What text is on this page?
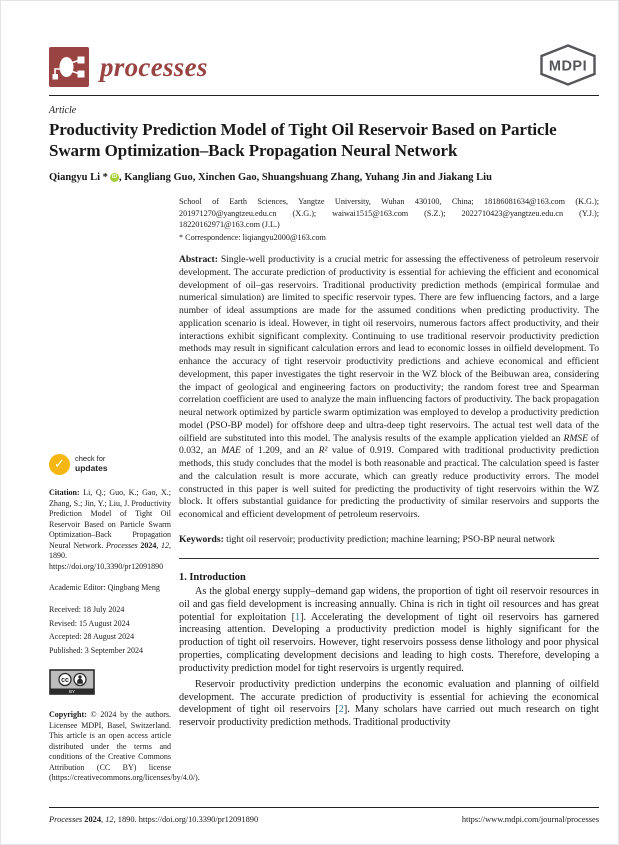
processes	MDPI
Article
Productivity Prediction Model of Tight Oil Reservoir Based on Particle Swarm Optimization–Back Propagation Neural Network
Qiangyu Li * iD , Kangliang Guo, Xinchen Gao, Shuangshuang Zhang, Yuhang Jin and Jiakang Liu
✓	check for
updates
Citation: Li, Q.; Guo, K.; Gao, X.; Zhang, S.; Jin, Y.; Liu, J. Productivity Prediction Model of Tight Oil Reservoir Based on Particle Swarm Optimization–Back Propagation Neural Network. Processes 2024, 12, 1890. https://doi.org/10.3390/pr12091890
Academic Editor: Qingbang Meng
Received: 18 July 2024
Revised: 15 August 2024
Accepted: 28 August 2024
Published: 3 September 2024
cc
BY
Copyright: © 2024 by the authors. Licensee MDPI, Basel, Switzerland. This article is an open access article distributed under the terms and conditions of the Creative Commons Attribution (CC BY) license (https://creativecommons.org/licenses/by/4.0/).
School of Earth Sciences, Yangtze University, Wuhan 430100, China; 18186081634@163.com (K.G.); 201971270@yangtzeu.edu.cn (X.G.); waiwai1515@163.com (S.Z.); 2022710423@yangtzeu.edu.cn (Y.J.); 18220162971@163.com (J.L.)
* Correspondence: liqiangyu2000@163.com
Abstract: Single-well productivity is a crucial metric for assessing the effectiveness of petroleum reservoir development. The accurate prediction of productivity is essential for achieving the efficient and economical development of oil–gas reservoirs. Traditional productivity prediction methods (empirical formulae and numerical simulation) are limited to specific reservoir types. There are few influencing factors, and a large number of ideal assumptions are made for the assumed conditions when predicting productivity. The application scenario is ideal. However, in tight oil reservoirs, numerous factors affect productivity, and their interactions exhibit significant complexity. Continuing to use traditional reservoir productivity prediction methods may result in significant calculation errors and lead to economic losses in oilfield development. To enhance the accuracy of tight reservoir productivity predictions and achieve economical and efficient development, this paper investigates the tight reservoir in the WZ block of the Beibuwan area, considering the impact of geological and engineering factors on productivity; the random forest tree and Spearman correlation coefficient are used to analyze the main influencing factors of productivity. The back propagation neural network optimized by particle swarm optimization was employed to develop a productivity prediction model (PSO-BP model) for offshore deep and ultra-deep tight reservoirs. The actual test well data of the oilfield are substituted into this model. The analysis results of the example application yielded an RMSE of 0.032, an MAE of 1.209, and an R² value of 0.919. Compared with traditional productivity prediction methods, this study concludes that the model is both reasonable and practical. The calculation speed is faster and the calculation result is more accurate, which can greatly reduce productivity errors. The model constructed in this paper is well suited for predicting the productivity of tight reservoirs within the WZ block. It offers substantial guidance for predicting the productivity of similar reservoirs and supports the economical and efficient development of petroleum reservoirs.
Keywords: tight oil reservoir; productivity prediction; machine learning; PSO-BP neural network
1. Introduction
As the global energy supply–demand gap widens, the proportion of tight oil reservoir resources in oil and gas field development is increasing annually. China is rich in tight oil resources and has great potential for exploitation [1]. Accelerating the development of tight oil reservoirs has garnered increasing attention. Developing a productivity prediction model is highly significant for the production of tight oil reservoirs. However, tight reservoirs possess dense lithology and poor physical properties, complicating development decisions and leading to high costs. Therefore, developing a productivity prediction model for tight reservoirs is urgently required.
Reservoir productivity prediction underpins the economic evaluation and planning of oilfield development. The accurate prediction of productivity is essential for achieving the economical development of tight oil reservoirs [2]. Many scholars have carried out much research on tight reservoir productivity prediction methods. Traditional productivity
Processes 2024, 12, 1890. https://doi.org/10.3390/pr12091890	https://www.mdpi.com/journal/processes
